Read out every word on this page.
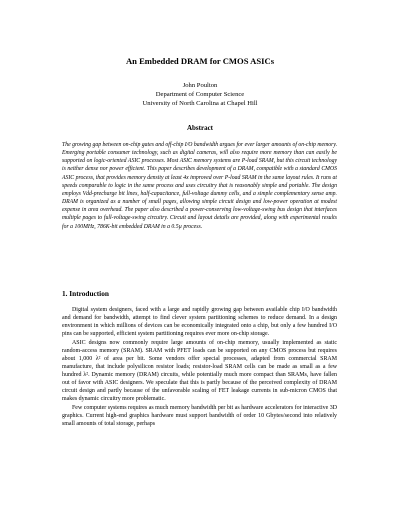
An Embedded DRAM for CMOS ASICs
John Poulton
Department of Computer Science
University of North Carolina at Chapel Hill
Abstract
The growing gap between on-chip gates and off-chip I/O bandwidth argues for ever larger amounts of on-chip memory. Emerging portable consumer technology, such as digital cameras, will also require more memory than can easily be supported on logic-oriented ASIC processes. Most ASIC memory systems are P-load SRAM, but this circuit technology is neither dense nor power efficient. This paper describes development of a DRAM, compatible with a standard CMOS ASIC process, that provides memory density at least 4x improved over P-load SRAM in the same layout rules. It runs at speeds comparable to logic in the same process and uses circuitry that is reasonably simple and portable. The design employs Vdd-precharge bit lines, half-capacitance, full-voltage dummy cells, and a simple complementary sense amp. DRAM is organized as a number of small pages, allowing simple circuit design and low-power operation at modest expense in area overhead. The paper also described a power-conserving low-voltage-swing bus design that interfaces multiple pages to full-voltage-swing circuitry. Circuit and layout details are provided, along with experimental results for a 100MHz, 786K-bit embedded DRAM in a 0.5µ process.
1. Introduction

Digital system designers, faced with a large and rapidly growing gap between available chip I/O bandwidth and demand for bandwidth, attempt to find clever system partitioning schemes to reduce demand. In a design environment in which millions of devices can be economically integrated onto a chip, but only a few hundred I/O pins can be supported, efficient system partitioning requires ever more on-chip storage.

ASIC designs now commonly require large amounts of on-chip memory, usually implemented as static random-access memory (SRAM). SRAM with PFET loads can be supported on any CMOS process but requires about 1,000 λ² of area per bit. Some vendors offer special processes, adapted from commercial SRAM manufacture, that include polysilicon resistor loads; resistor-load SRAM cells can be made as small as a few hundred λ². Dynamic memory (DRAM) circuits, while potentially much more compact than SRAMs, have fallen out of favor with ASIC designers. We speculate that this is partly because of the perceived complexity of DRAM circuit design and partly because of the unfavorable scaling of FET leakage currents in sub-micron CMOS that makes dynamic circuitry more problematic.

Few computer systems requires as much memory bandwidth per bit as hardware accelerators for interactive 3D graphics. Current high-end graphics hardware must support bandwidth of order 10 Gbytes/second into relatively small amounts of total storage, perhaps
